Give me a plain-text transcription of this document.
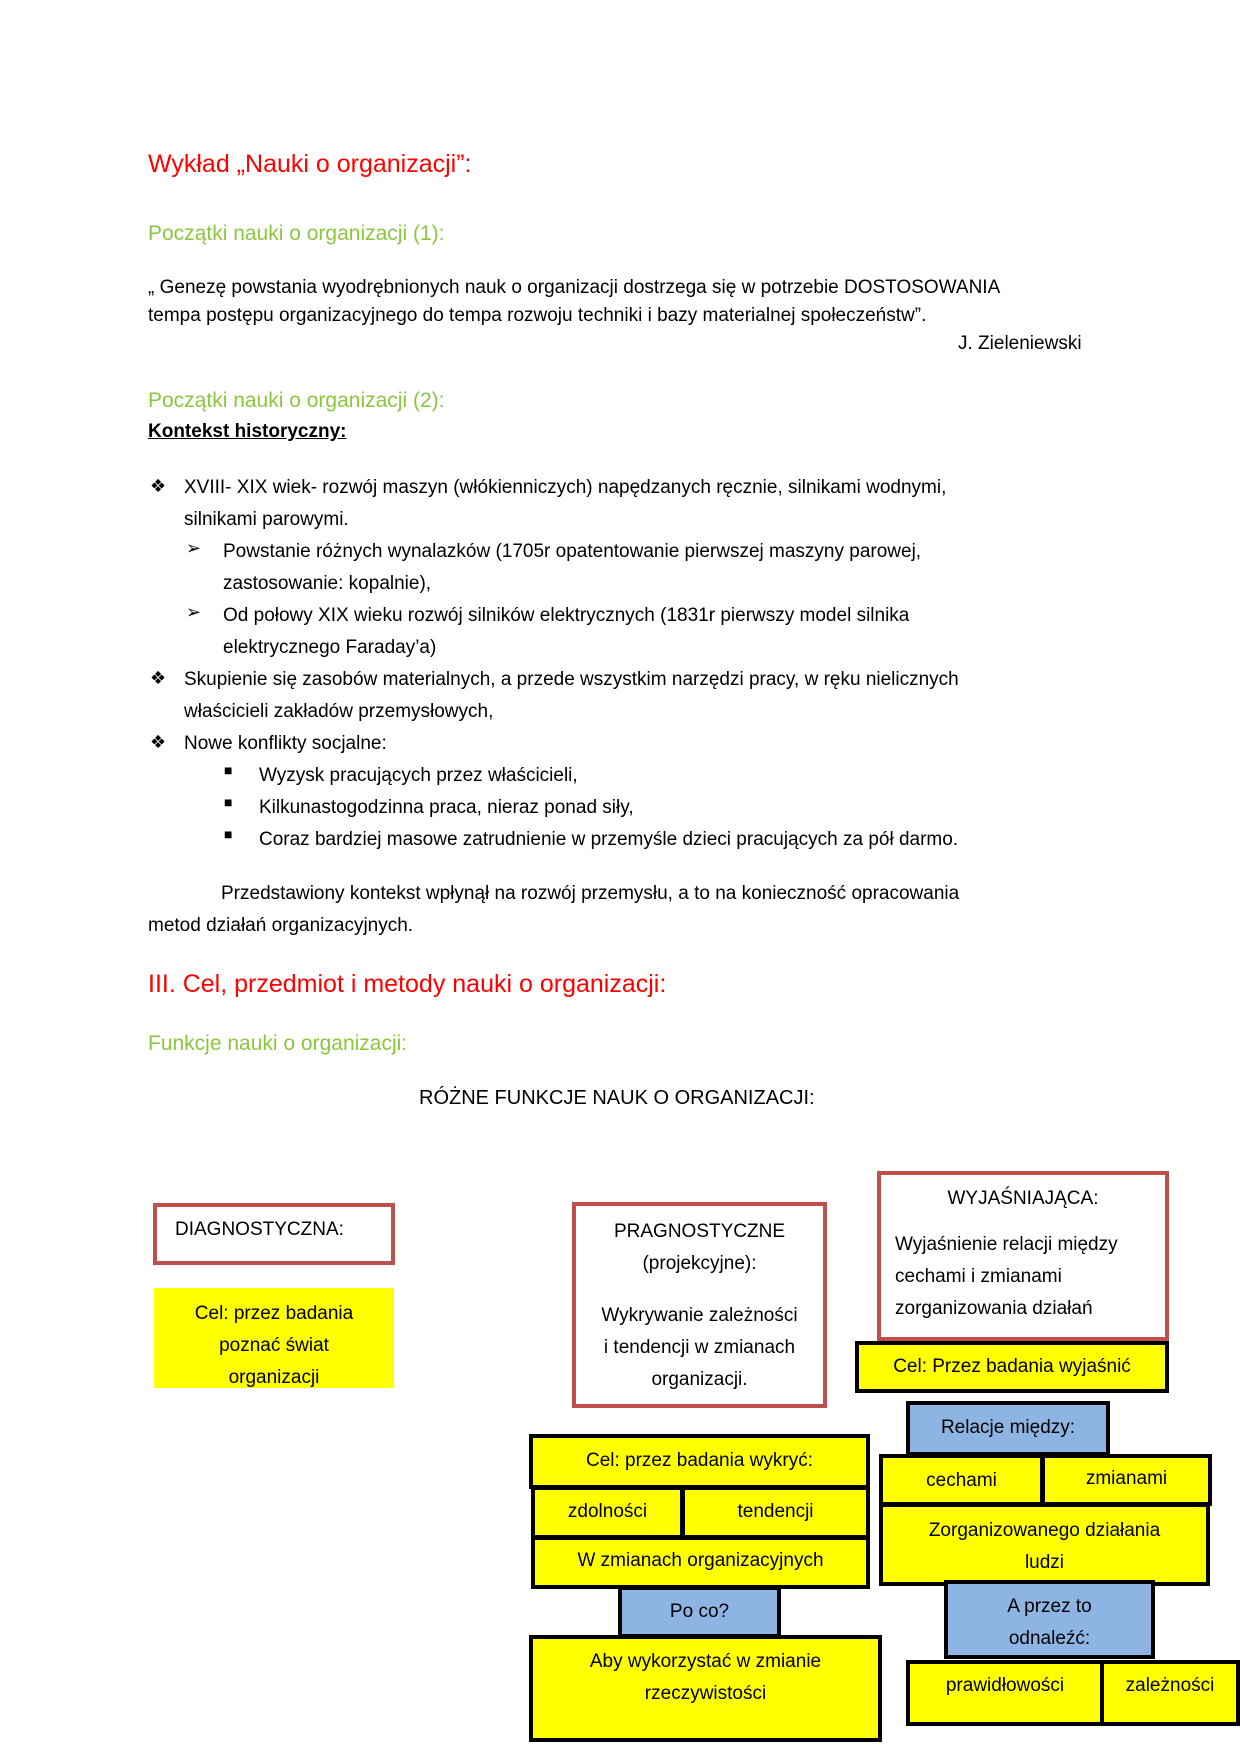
Wykład „Nauki o organizacji”:
Początki nauki o organizacji (1):
„ Genezę powstania wyodrębnionych nauk o organizacji dostrzega się w potrzebie DOSTOSOWANIA
tempa postępu organizacyjnego do tempa rozwoju techniki i bazy materialnej społeczeństw”.
J. Zieleniewski
Początki nauki o organizacji (2):
Kontekst historyczny:
❖ XVIII- XIX wiek- rozwój maszyn (włókienniczych) napędzanych ręcznie, silnikami wodnymi,
silnikami parowymi.
➢ Powstanie różnych wynalazków (1705r opatentowanie pierwszej maszyny parowej,
zastosowanie: kopalnie),
➢ Od połowy XIX wieku rozwój silników elektrycznych (1831r pierwszy model silnika
elektrycznego Faraday’a)
❖ Skupienie się zasobów materialnych, a przede wszystkim narzędzi pracy, w ręku nielicznych
właścicieli zakładów przemysłowych,
❖ Nowe konflikty socjalne:
■ Wyzysk pracujących przez właścicieli,
■ Kilkunastogodzinna praca, nieraz ponad siły,
■ Coraz bardziej masowe zatrudnienie w przemyśle dzieci pracujących za pół darmo.
Przedstawiony kontekst wpłynął na rozwój przemysłu, a to na konieczność opracowania
metod działań organizacyjnych.
III. Cel, przedmiot i metody nauki o organizacji:
Funkcje nauki o organizacji:
RÓŻNE FUNKCJE NAUK O ORGANIZACJI:
DIAGNOSTYCZNA:
Cel: przez badania
poznać świat
organizacji
PRAGNOSTYCZNE
(projekcyjne):
Wykrywanie zależności
i tendencji w zmianach
organizacji.
Cel: przez badania wykryć:
zdolności	tendencji
W zmianach organizacyjnych
Po co?
Aby wykorzystać w zmianie
rzeczywistości
WYJAŚNIAJĄCA:
Wyjaśnienie relacji między
cechami i zmianami
zorganizowania działań
Cel: Przez badania wyjaśnić
Relacje między:
cechami	zmianami
Zorganizowanego działania
ludzi
A przez to
odnaleźć:
prawidłowości	zależności
